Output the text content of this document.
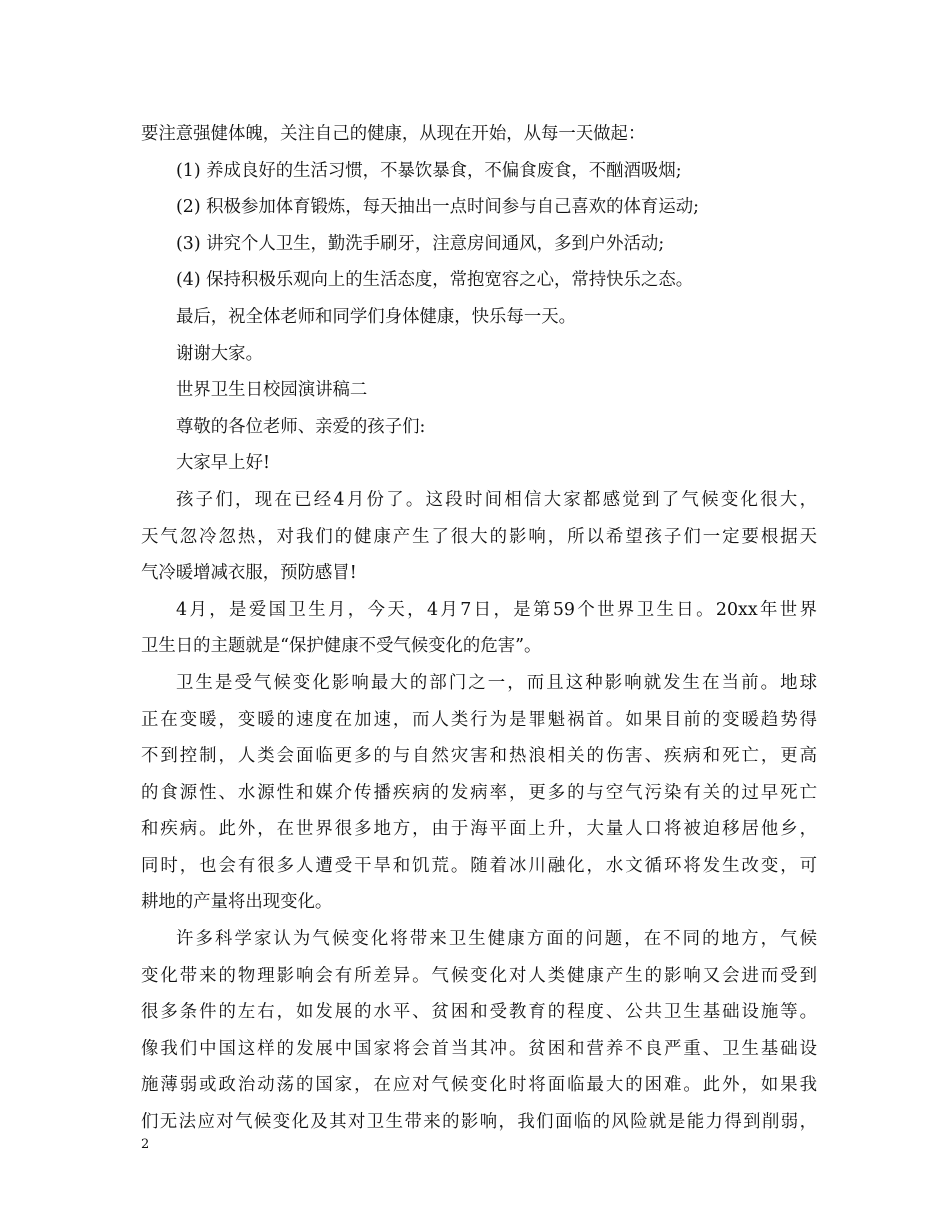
要注意强健体魄，关注自己的健康，从现在开始，从每一天做起：
(1) 养成良好的生活习惯，不暴饮暴食，不偏食废食，不酗酒吸烟;
(2) 积极参加体育锻炼，每天抽出一点时间参与自己喜欢的体育运动;
(3) 讲究个人卫生，勤洗手刷牙，注意房间通风，多到户外活动;
(4) 保持积极乐观向上的生活态度，常抱宽容之心，常持快乐之态。
最后，祝全体老师和同学们身体健康，快乐每一天。
谢谢大家。
世界卫生日校园演讲稿二
尊敬的各位老师、亲爱的孩子们:
大家早上好!
孩子们，现在已经4月份了。这段时间相信大家都感觉到了气候变化很大，
天气忽冷忽热，对我们的健康产生了很大的影响，所以希望孩子们一定要根据天
气冷暖增减衣服，预防感冒!
4月，是爱国卫生月，今天，4月7日，是第59个世界卫生日。20xx年世界
卫生日的主题就是“保护健康不受气候变化的危害”。
卫生是受气候变化影响最大的部门之一，而且这种影响就发生在当前。地球
正在变暖，变暖的速度在加速，而人类行为是罪魁祸首。如果目前的变暖趋势得
不到控制，人类会面临更多的与自然灾害和热浪相关的伤害、疾病和死亡，更高
的食源性、水源性和媒介传播疾病的发病率，更多的与空气污染有关的过早死亡
和疾病。此外，在世界很多地方，由于海平面上升，大量人口将被迫移居他乡，
同时，也会有很多人遭受干旱和饥荒。随着冰川融化，水文循环将发生改变，可
耕地的产量将出现变化。
许多科学家认为气候变化将带来卫生健康方面的问题，在不同的地方，气候
变化带来的物理影响会有所差异。气候变化对人类健康产生的影响又会进而受到
很多条件的左右，如发展的水平、贫困和受教育的程度、公共卫生基础设施等。
像我们中国这样的发展中国家将会首当其冲。贫困和营养不良严重、卫生基础设
施薄弱或政治动荡的国家，在应对气候变化时将面临最大的困难。此外，如果我
们无法应对气候变化及其对卫生带来的影响，我们面临的风险就是能力得到削弱，
2
